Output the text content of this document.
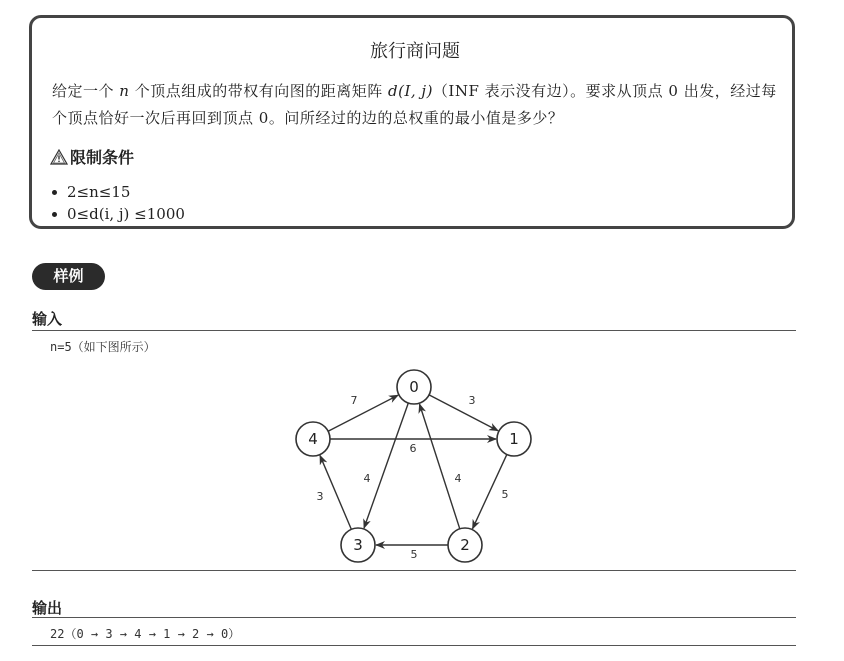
旅行商问题
给定一个 n 个顶点组成的带权有向图的距离矩阵 d(I, j)（INF 表示没有边）。要求从顶点 0 出发，经过每个顶点恰好一次后再回到顶点 0。问所经过的边的总权重的最小值是多少？
限制条件
2≤n≤15
0≤d(i, j) ≤1000
样例
输入
n=5（如下图所示）
7	3
6
4	4
5
3
5
0
1
2
3
4
输出
22（0 → 3 → 4 → 1 → 2 → 0）
